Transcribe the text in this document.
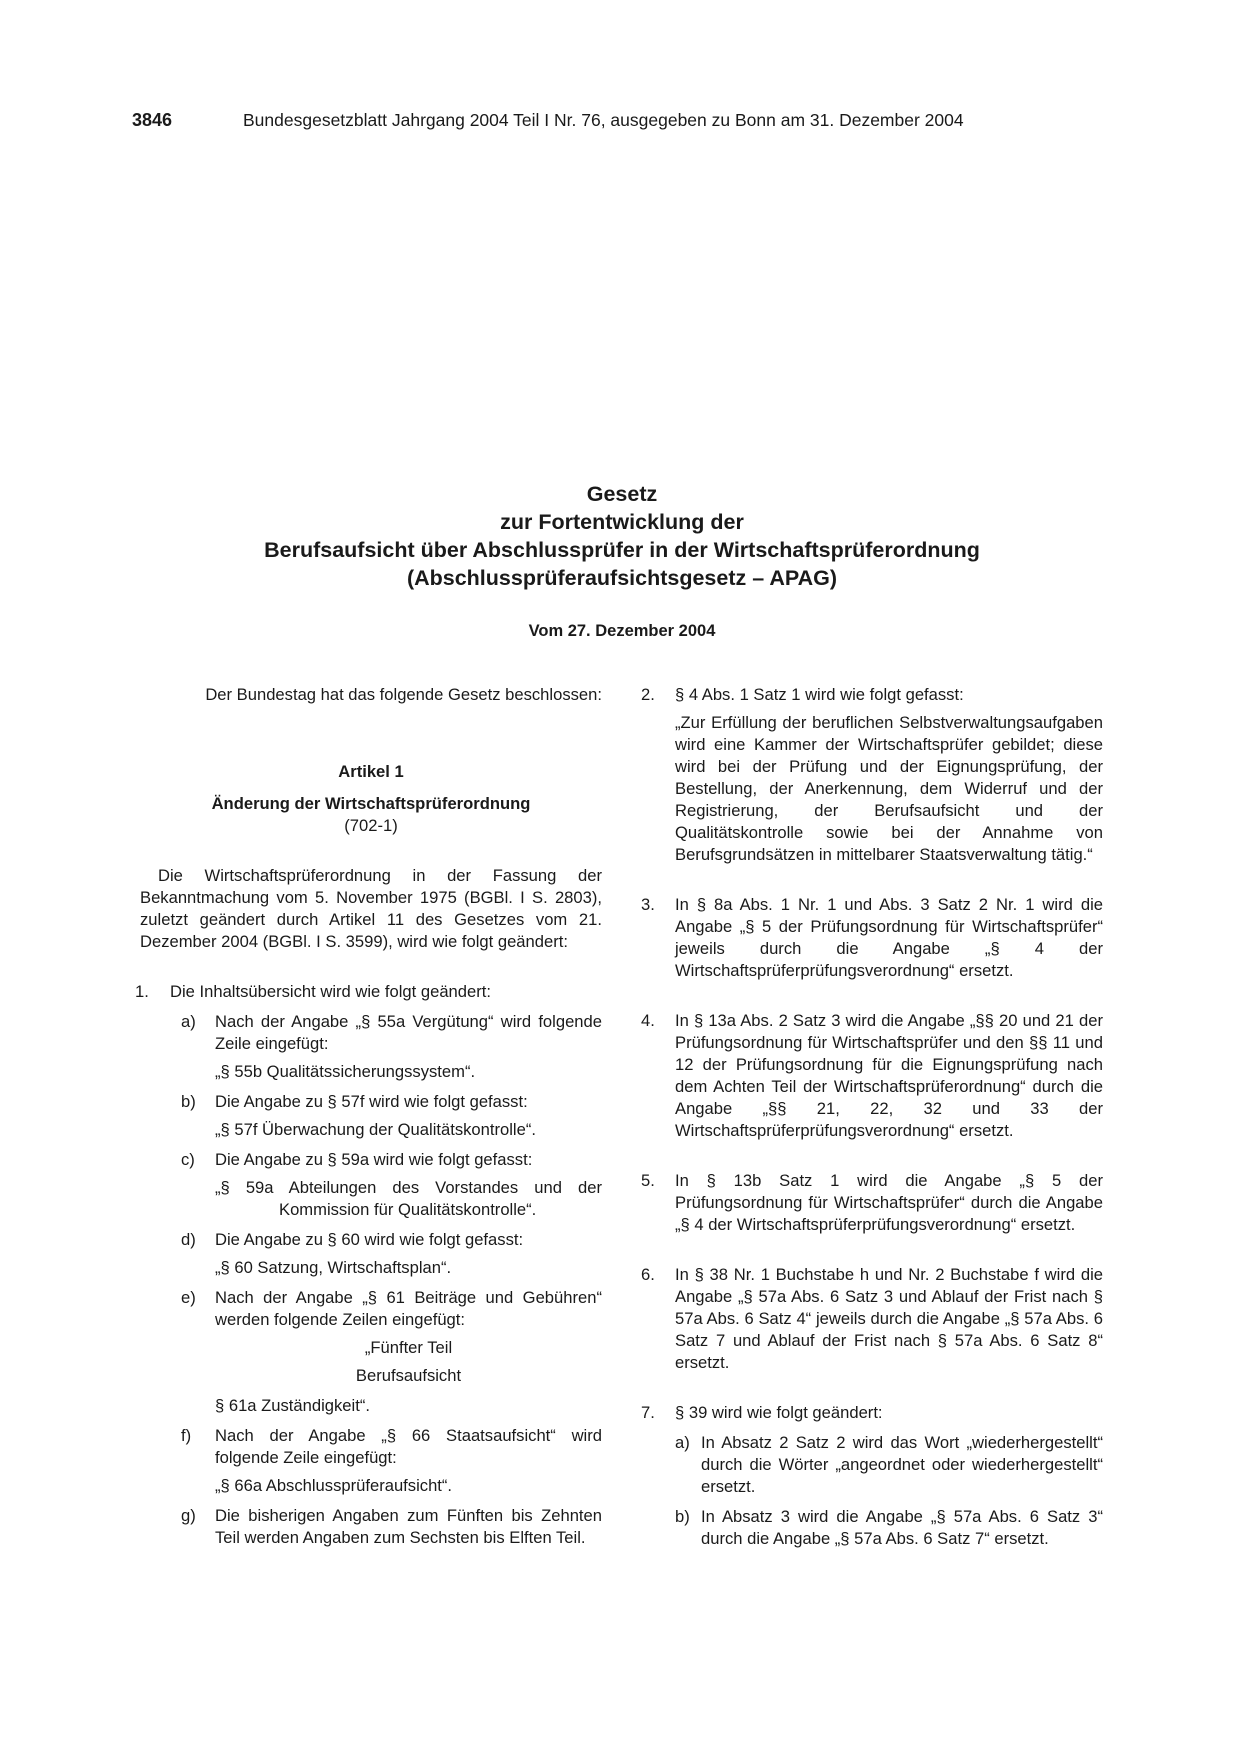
3846	Bundesgesetzblatt Jahrgang 2004 Teil I Nr. 76, ausgegeben zu Bonn am 31. Dezember 2004
Gesetz
zur Fortentwicklung der
Berufsaufsicht über Abschlussprüfer in der Wirtschaftsprüferordnung
(Abschlussprüferaufsichtsgesetz – APAG)
Vom 27. Dezember 2004

Der Bundestag hat das folgende Gesetz beschlossen:

Artikel 1

Änderung der Wirtschaftsprüferordnung

(702-1)

Die Wirtschaftsprüferordnung in der Fassung der Bekanntmachung vom 5. November 1975 (BGBl. I S. 2803), zuletzt geändert durch Artikel 11 des Gesetzes vom 21. Dezember 2004 (BGBl. I S. 3599), wird wie folgt geändert:

1. Die Inhaltsübersicht wird wie folgt geändert:
a) Nach der Angabe „§ 55a Vergütung“ wird folgende Zeile eingefügt:
„§ 55b Qualitätssicherungssystem“.
b) Die Angabe zu § 57f wird wie folgt gefasst:
„§ 57f Überwachung der Qualitätskontrolle“.
c) Die Angabe zu § 59a wird wie folgt gefasst:
„§ 59a Abteilungen des Vorstandes und der Kommission für Qualitätskontrolle“.
d) Die Angabe zu § 60 wird wie folgt gefasst:
„§ 60 Satzung, Wirtschaftsplan“.
e) Nach der Angabe „§ 61 Beiträge und Gebühren“ werden folgende Zeilen eingefügt:
„Fünfter Teil
Berufsaufsicht
§ 61a Zuständigkeit“.
f) Nach der Angabe „§ 66 Staatsaufsicht“ wird folgende Zeile eingefügt:
„§ 66a Abschlussprüferaufsicht“.
g) Die bisherigen Angaben zum Fünften bis Zehnten Teil werden Angaben zum Sechsten bis Elften Teil.
2. § 4 Abs. 1 Satz 1 wird wie folgt gefasst:
„Zur Erfüllung der beruflichen Selbstverwaltungsaufgaben wird eine Kammer der Wirtschaftsprüfer gebildet; diese wird bei der Prüfung und der Eignungsprüfung, der Bestellung, der Anerkennung, dem Widerruf und der Registrierung, der Berufsaufsicht und der Qualitätskontrolle sowie bei der Annahme von Berufsgrundsätzen in mittelbarer Staatsverwaltung tätig.“
3. In § 8a Abs. 1 Nr. 1 und Abs. 3 Satz 2 Nr. 1 wird die Angabe „§ 5 der Prüfungsordnung für Wirtschaftsprüfer“ jeweils durch die Angabe „§ 4 der Wirtschaftsprüferprüfungsverordnung“ ersetzt.
4. In § 13a Abs. 2 Satz 3 wird die Angabe „§§ 20 und 21 der Prüfungsordnung für Wirtschaftsprüfer und den §§ 11 und 12 der Prüfungsordnung für die Eignungsprüfung nach dem Achten Teil der Wirtschaftsprüferordnung“ durch die Angabe „§§ 21, 22, 32 und 33 der Wirtschaftsprüferprüfungsverordnung“ ersetzt.
5. In § 13b Satz 1 wird die Angabe „§ 5 der Prüfungsordnung für Wirtschaftsprüfer“ durch die Angabe „§ 4 der Wirtschaftsprüferprüfungsverordnung“ ersetzt.
6. In § 38 Nr. 1 Buchstabe h und Nr. 2 Buchstabe f wird die Angabe „§ 57a Abs. 6 Satz 3 und Ablauf der Frist nach § 57a Abs. 6 Satz 4“ jeweils durch die Angabe „§ 57a Abs. 6 Satz 7 und Ablauf der Frist nach § 57a Abs. 6 Satz 8“ ersetzt.
7. § 39 wird wie folgt geändert:
a) In Absatz 2 Satz 2 wird das Wort „wiederhergestellt“ durch die Wörter „angeordnet oder wiederhergestellt“ ersetzt.
b) In Absatz 3 wird die Angabe „§ 57a Abs. 6 Satz 3“ durch die Angabe „§ 57a Abs. 6 Satz 7“ ersetzt.
